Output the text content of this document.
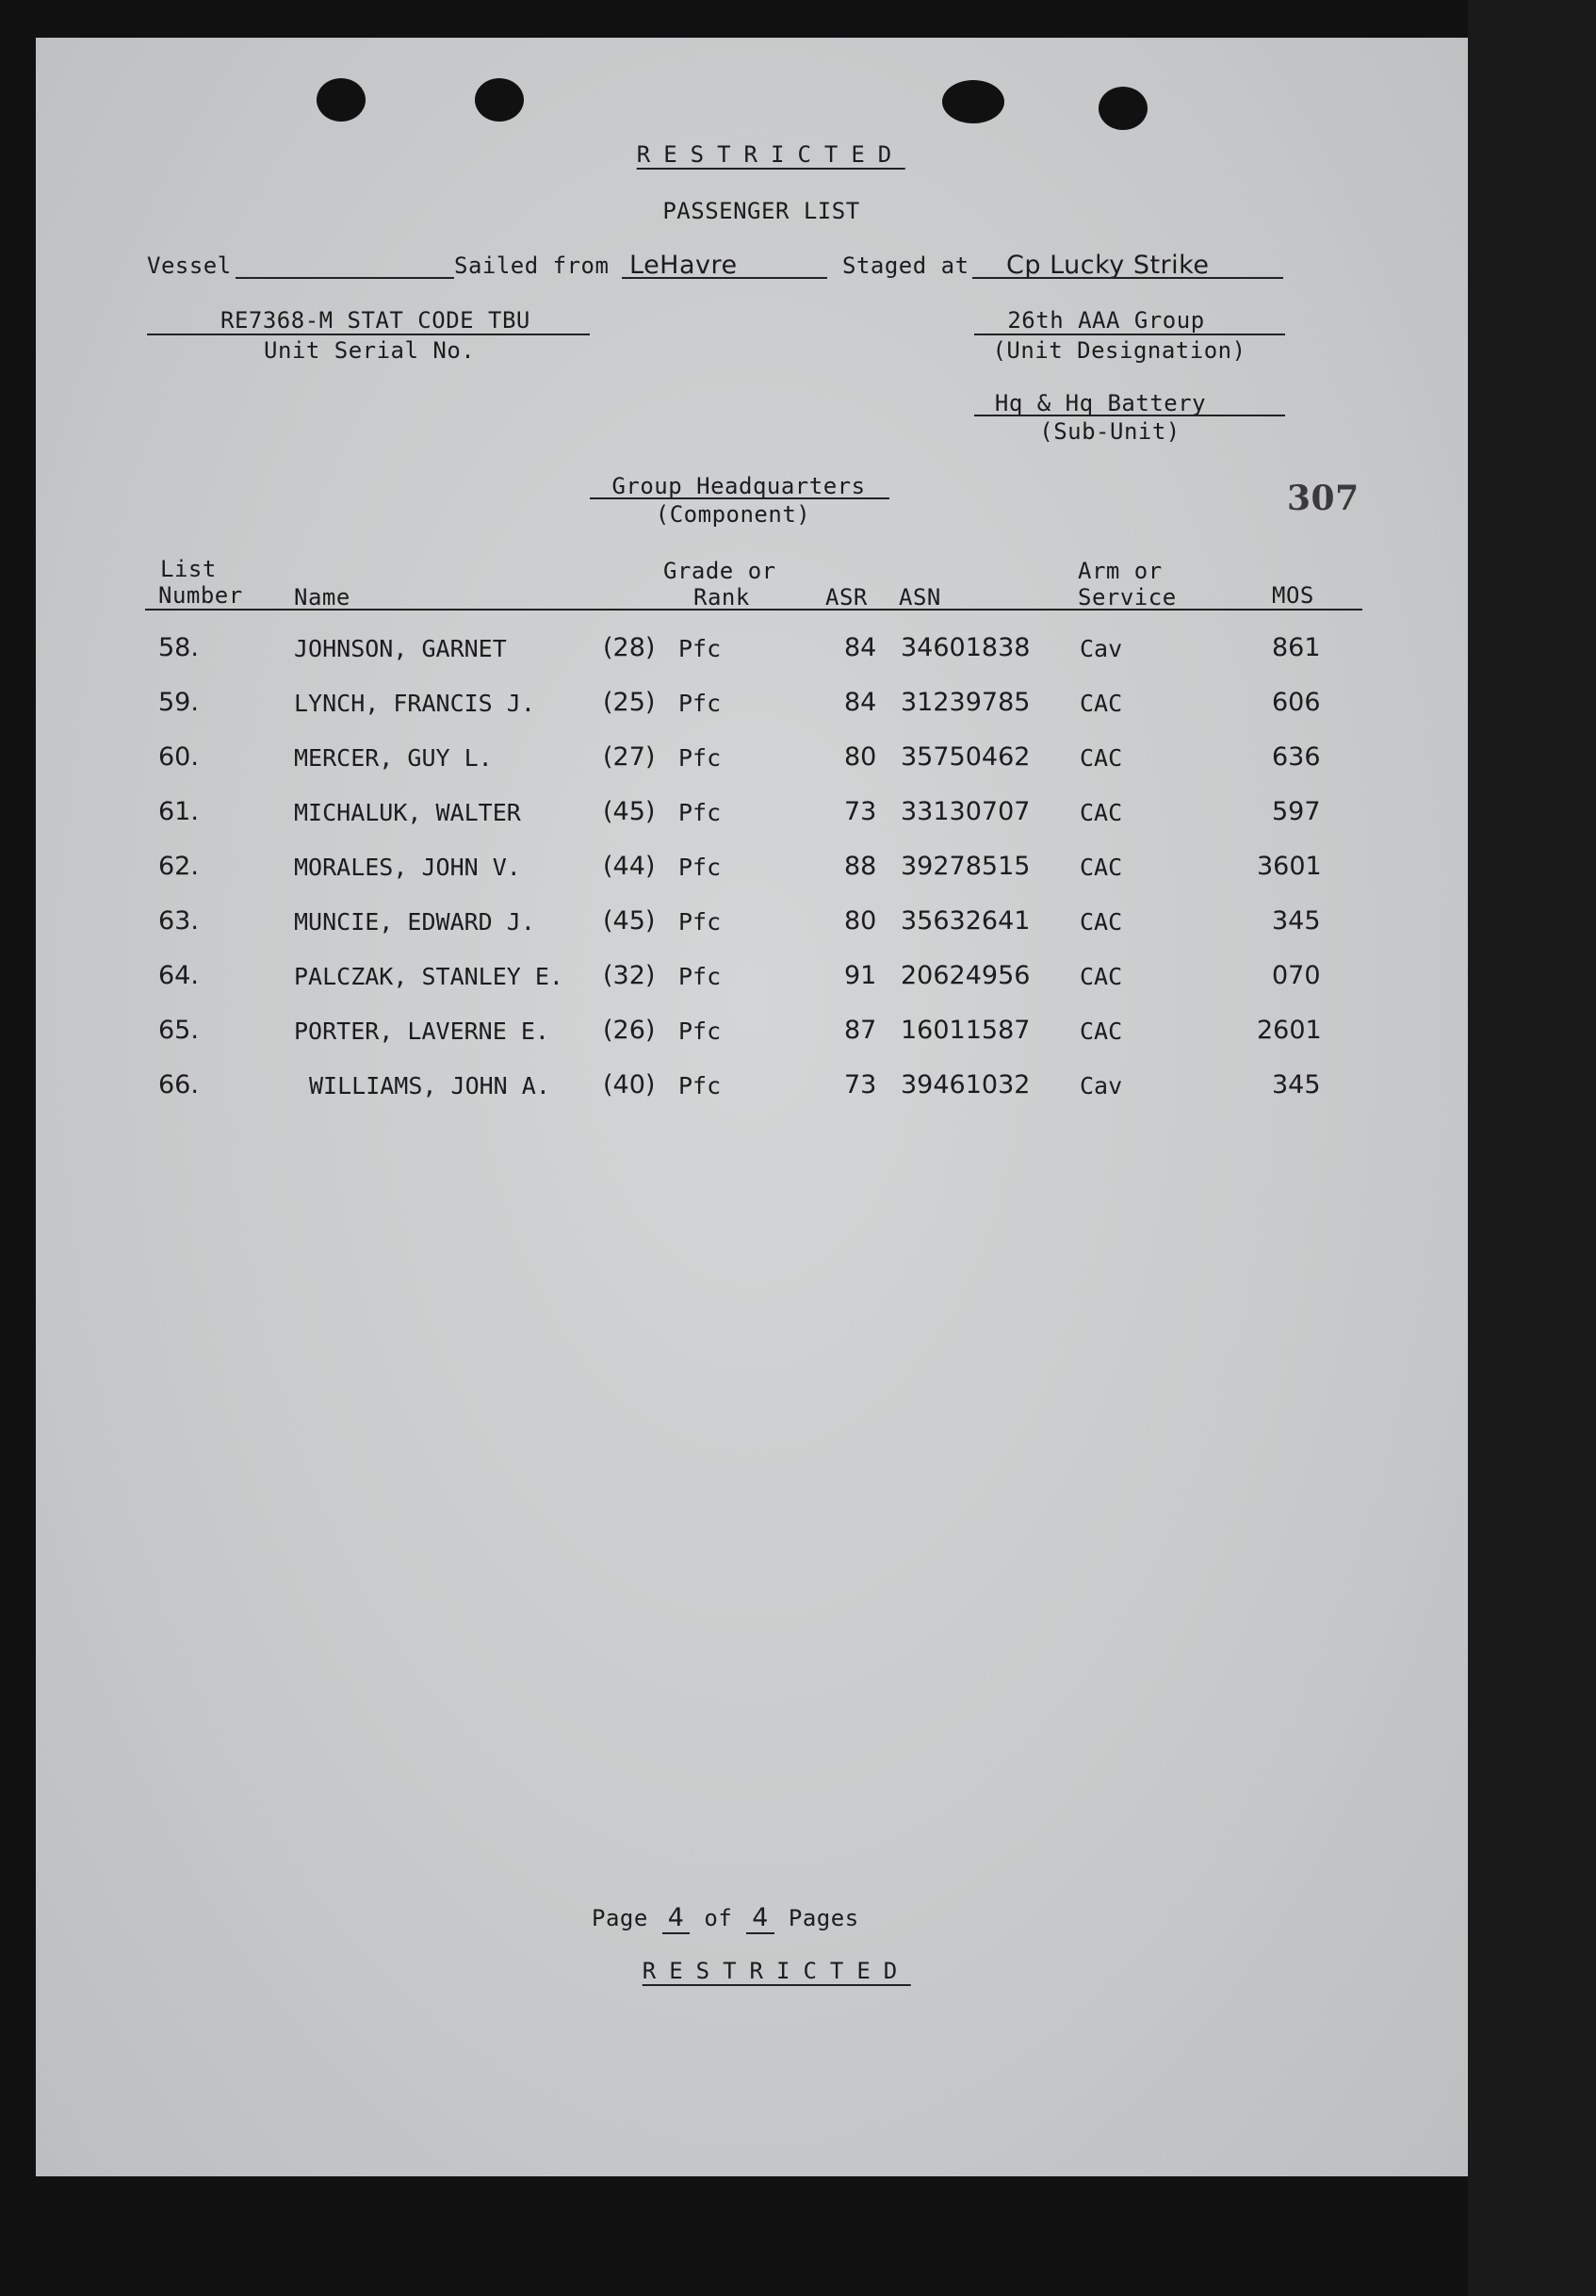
RESTRICTED
PASSENGER LIST
Vessel	Sailed from LeHavre	Staged at Cp Lucky Strike
RE7368-M STAT CODE TBU
Unit Serial No.
26th AAA Group
(Unit Designation)
Hq & Hq Battery
(Sub-Unit)
Group Headquarters
(Component)	307
List
Number Name
Grade or
Rank	ASR ASN
Arm or
Service	MOS
58.	JOHNSON, GARNET	(28) Pfc	84 34601838 Cav	861
59.	LYNCH, FRANCIS J.	(25) Pfc	84 31239785 CAC	606
60.	MERCER, GUY L.	(27) Pfc	80 35750462 CAC	636
61.	MICHALUK, WALTER	(45) Pfc	73 33130707 CAC	597
62.	MORALES, JOHN V.	(44) Pfc	88 39278515 CAC	3601
63.	MUNCIE, EDWARD J.	(45) Pfc	80 35632641 CAC	345
64.	PALCZAK, STANLEY E. (32) Pfc	91 20624956 CAC	070
65.	PORTER, LAVERNE E. (26) Pfc	87 16011587 CAC	2601
66.	WILLIAMS, JOHN A. (40) Pfc	73 39461032 Cav	345
Page 4 of 4 Pages
RESTRICTED
